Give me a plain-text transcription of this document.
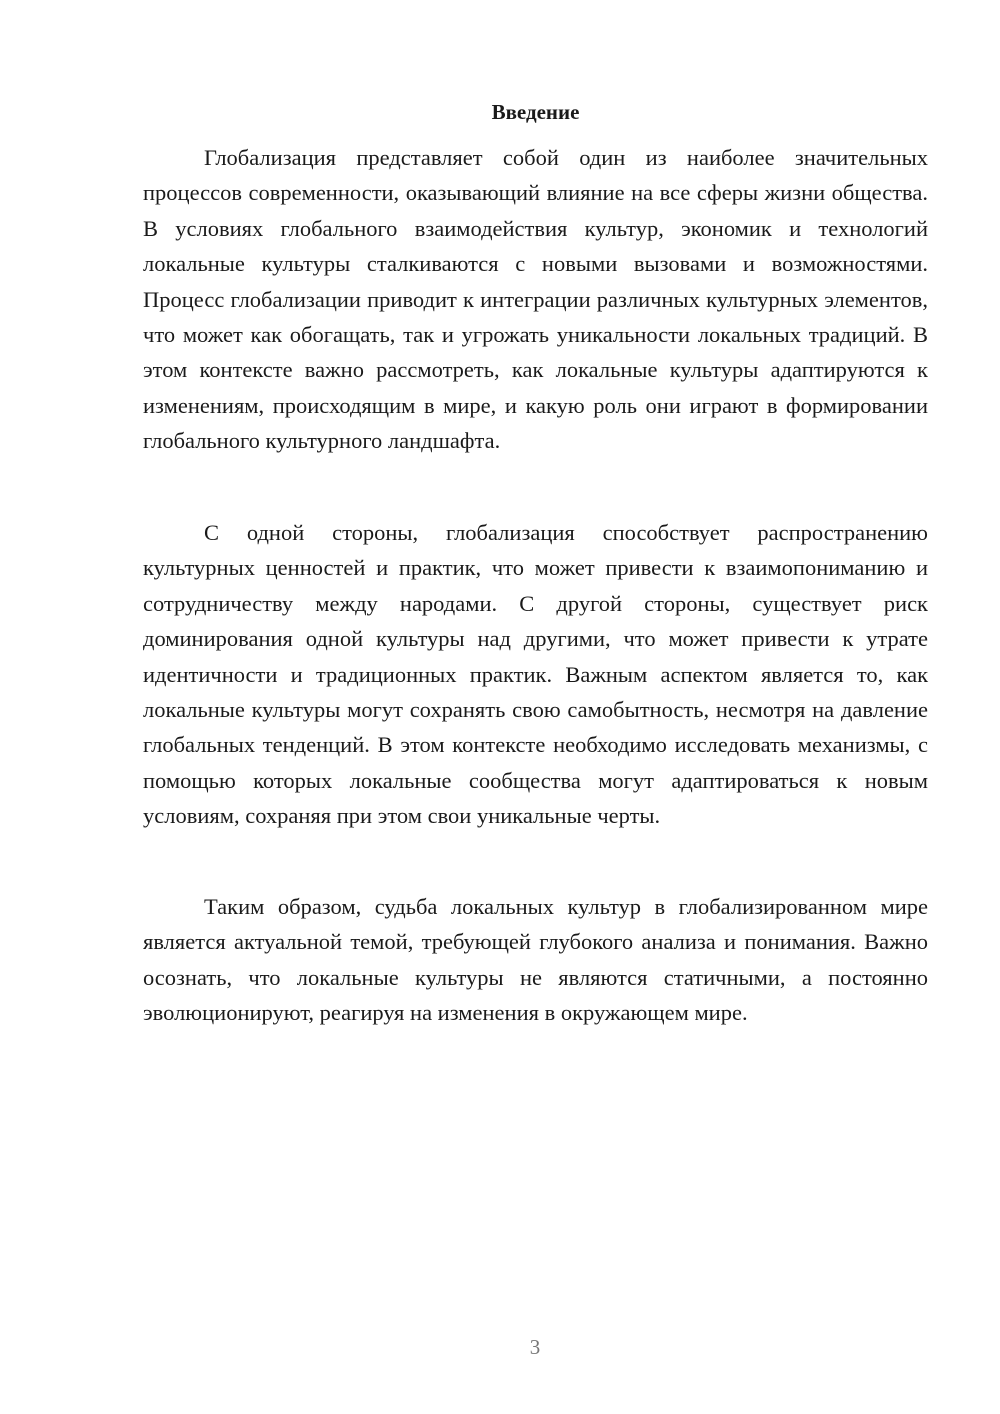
Введение

Глобализация представляет собой один из наиболее значительных процессов современности, оказывающий влияние на все сферы жизни общества. В условиях глобального взаимодействия культур, экономик и технологий локальные культуры сталкиваются с новыми вызовами и возможностями. Процесс глобализации приводит к интеграции различных культурных элементов, что может как обогащать, так и угрожать уникальности локальных традиций. В этом контексте важно рассмотреть, как локальные культуры адаптируются к изменениям, происходящим в мире, и какую роль они играют в формировании глобального культурного ландшафта.

С одной стороны, глобализация способствует распространению культурных ценностей и практик, что может привести к взаимопониманию и сотрудничеству между народами. С другой стороны, существует риск доминирования одной культуры над другими, что может привести к утрате идентичности и традиционных практик. Важным аспектом является то, как локальные культуры могут сохранять свою самобытность, несмотря на давление глобальных тенденций. В этом контексте необходимо исследовать механизмы, с помощью которых локальные сообщества могут адаптироваться к новым условиям, сохраняя при этом свои уникальные черты.

Таким образом, судьба локальных культур в глобализированном мире является актуальной темой, требующей глубокого анализа и понимания. Важно осознать, что локальные культуры не являются статичными, а постоянно эволюционируют, реагируя на изменения в окружающем мире.

3
